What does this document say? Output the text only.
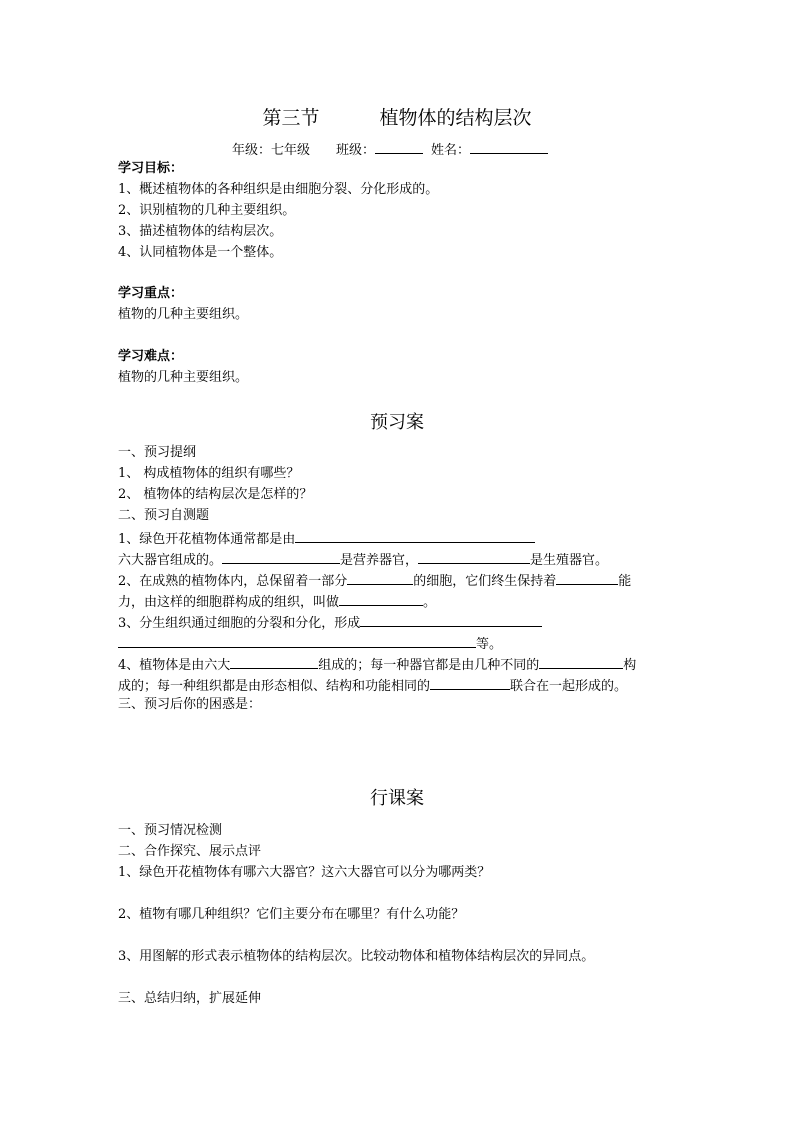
第三节	植物体的结构层次
年级：七年级 班级：	姓名：
学习目标：
1、概述植物体的各种组织是由细胞分裂、分化形成的。
2、识别植物的几种主要组织。
3、描述植物体的结构层次。
4、认同植物体是一个整体。
学习重点：
植物的几种主要组织。
学习难点：
植物的几种主要组织。
预习案
一、预习提纲
1、 构成植物体的组织有哪些？
2、 植物体的结构层次是怎样的？
二、预习自测题
1、绿色开花植物体通常都是由
六大器官组成的。	是营养器官，	是生殖器官。
2、在成熟的植物体内，总保留着一部分	的细胞，它们终生保持着	能
力，由这样的细胞群构成的组织，叫做	。
3、分生组织通过细胞的分裂和分化，形成
等。
4、植物体是由六大	组成的；每一种器官都是由几种不同的	构
成的；每一种组织都是由形态相似、结构和功能相同的	联合在一起形成的。
三、预习后你的困惑是：
行课案
一、预习情况检测
二、合作探究、展示点评
1、绿色开花植物体有哪六大器官？这六大器官可以分为哪两类？
2、植物有哪几种组织？它们主要分布在哪里？有什么功能？
3、用图解的形式表示植物体的结构层次。比较动物体和植物体结构层次的异同点。
三、总结归纳，扩展延伸
